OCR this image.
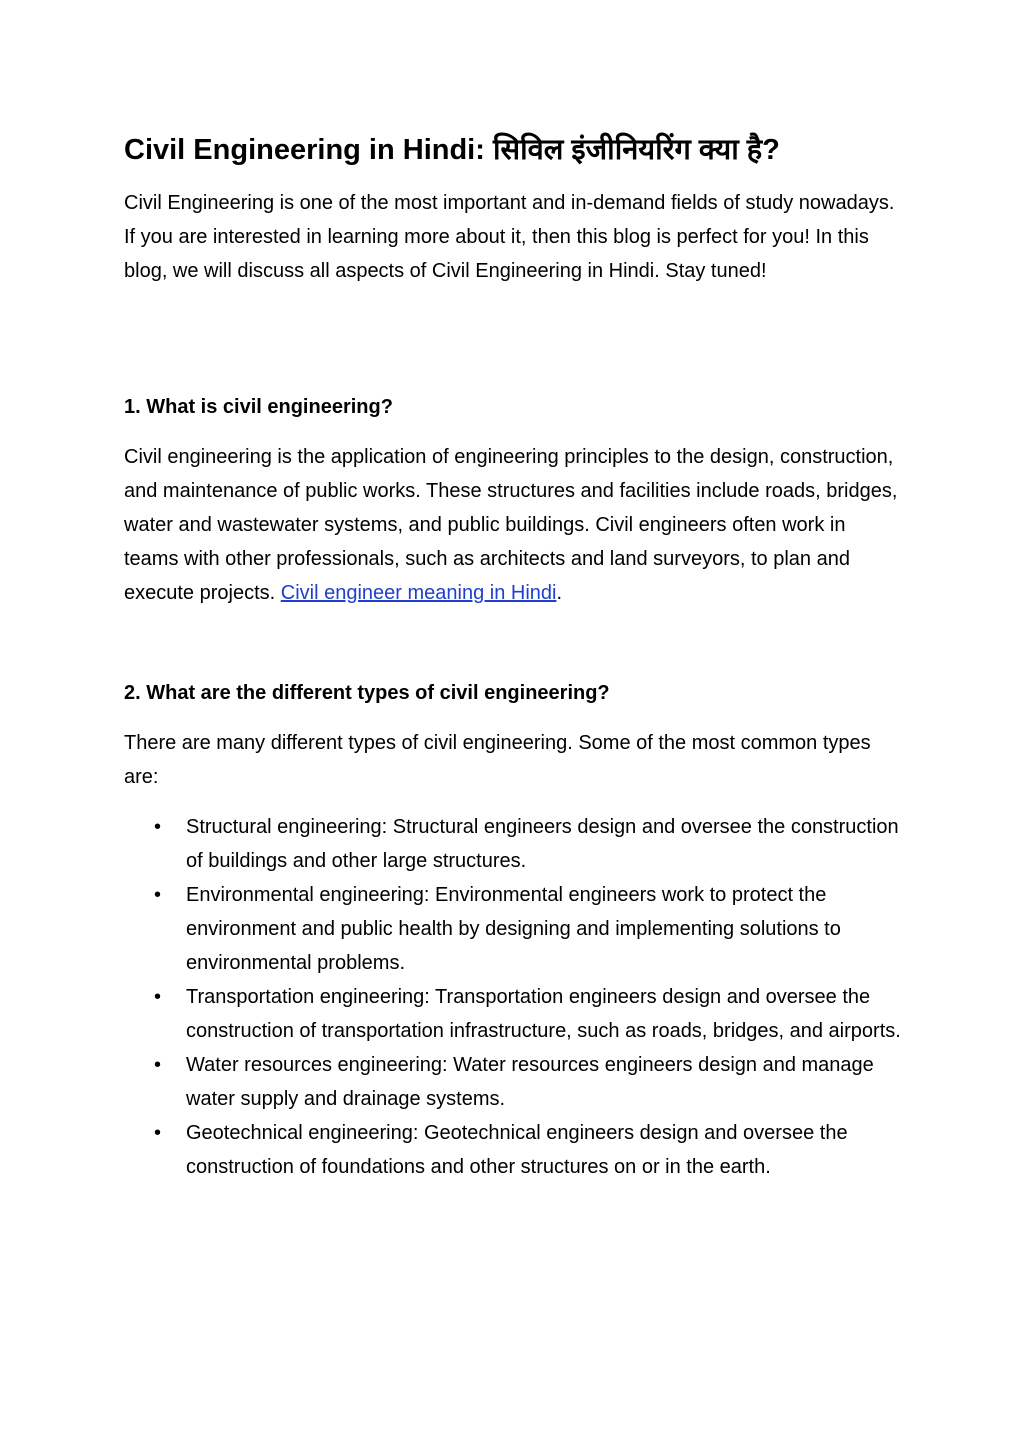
Civil Engineering in Hindi: सिविल इंजीनियरिंग क्या है?

Civil Engineering is one of the most important and in-demand fields of study nowadays. If you are interested in learning more about it, then this blog is perfect for you! In this blog, we will discuss all aspects of Civil Engineering in Hindi. Stay tuned!

1. What is civil engineering?

Civil engineering is the application of engineering principles to the design, construction, and maintenance of public works. These structures and facilities include roads, bridges, water and wastewater systems, and public buildings. Civil engineers often work in teams with other professionals, such as architects and land surveyors, to plan and execute projects. Civil engineer meaning in Hindi.

2. What are the different types of civil engineering?

There are many different types of civil engineering. Some of the most common types are:

• Structural engineering: Structural engineers design and oversee the construction of buildings and other large structures.
• Environmental engineering: Environmental engineers work to protect the environment and public health by designing and implementing solutions to environmental problems.
• Transportation engineering: Transportation engineers design and oversee the construction of transportation infrastructure, such as roads, bridges, and airports.
• Water resources engineering: Water resources engineers design and manage water supply and drainage systems.
• Geotechnical engineering: Geotechnical engineers design and oversee the construction of foundations and other structures on or in the earth.
